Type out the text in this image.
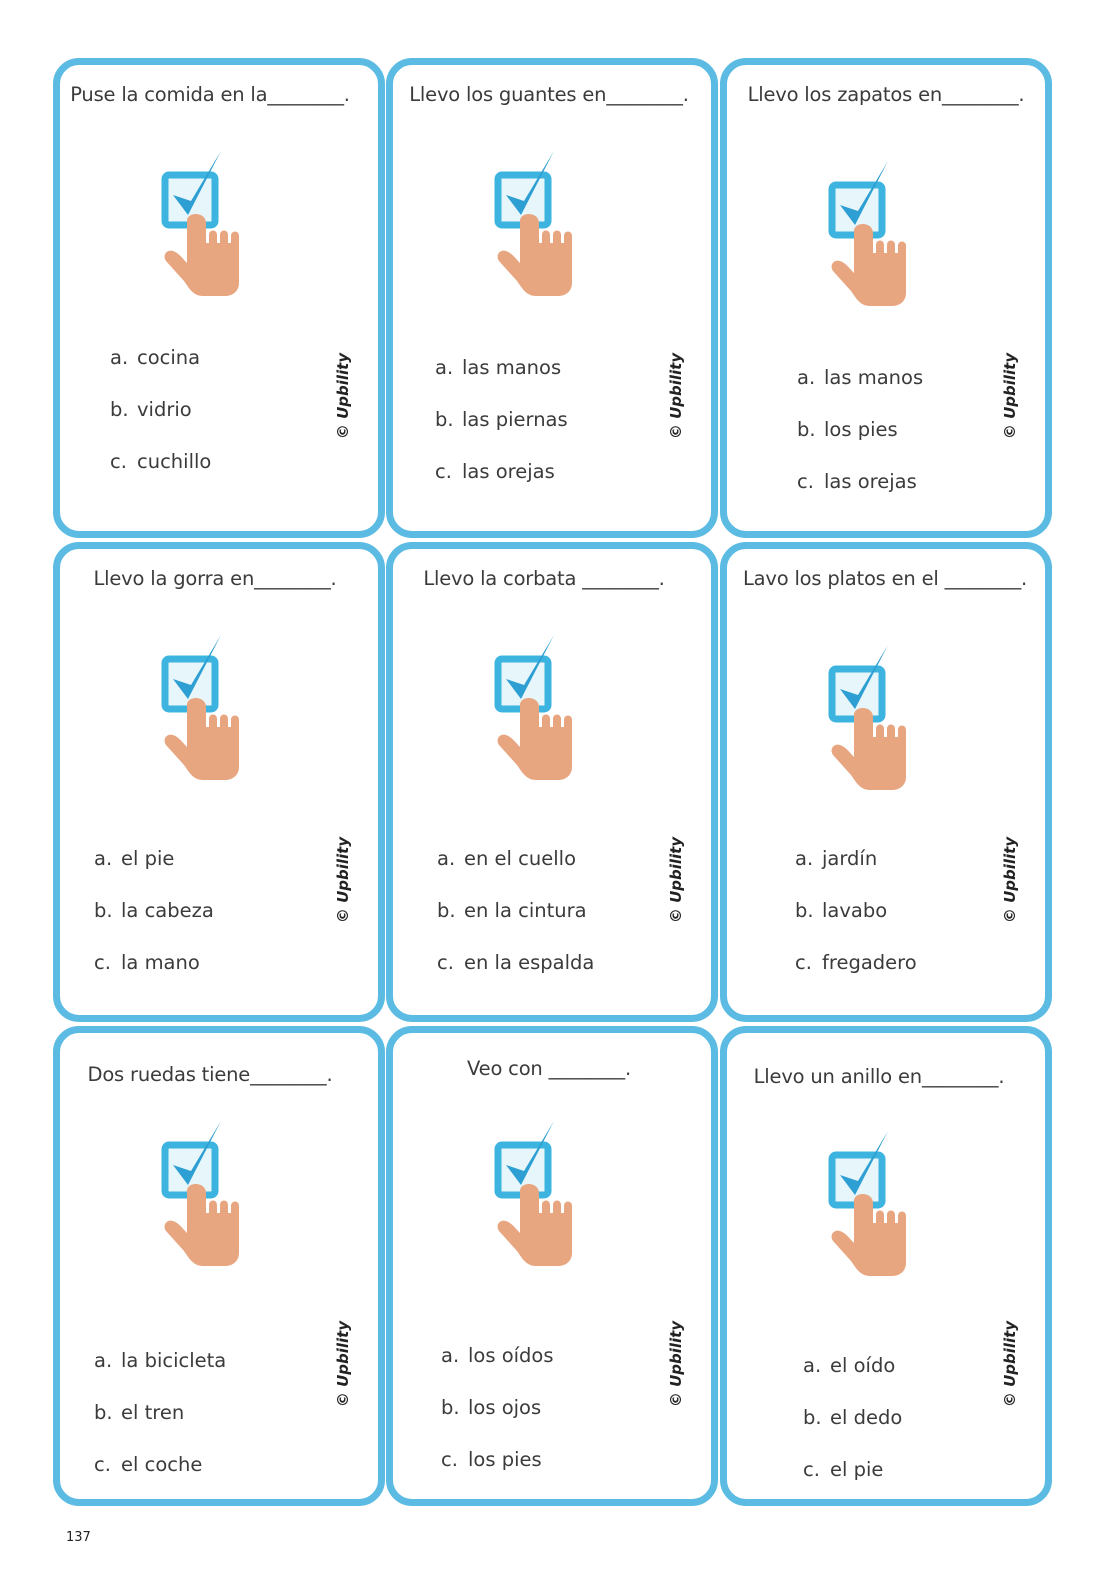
Puse la comida en la________.
a. cocina
b. vidrio
c. cuchillo
© Upbility
Llevo los guantes en________.
a. las manos
b. las piernas
c. las orejas
© Upbility
Llevo los zapatos en________.
a. las manos
b. los pies
c. las orejas
© Upbility
Llevo la gorra en________.
a. el pie
b. la cabeza
c. la mano
© Upbility
Llevo la corbata ________.
a. en el cuello
b. en la cintura
c. en la espalda
© Upbility
Lavo los platos en el ________.
a. jardín
b. lavabo
c. fregadero
© Upbility
Dos ruedas tiene________.
a. la bicicleta
b. el tren
c. el coche
© Upbility
Veo con ________.
a. los oídos
b. los ojos
c. los pies
© Upbility
Llevo un anillo en________.
a. el oído
b. el dedo
c. el pie
© Upbility
137
